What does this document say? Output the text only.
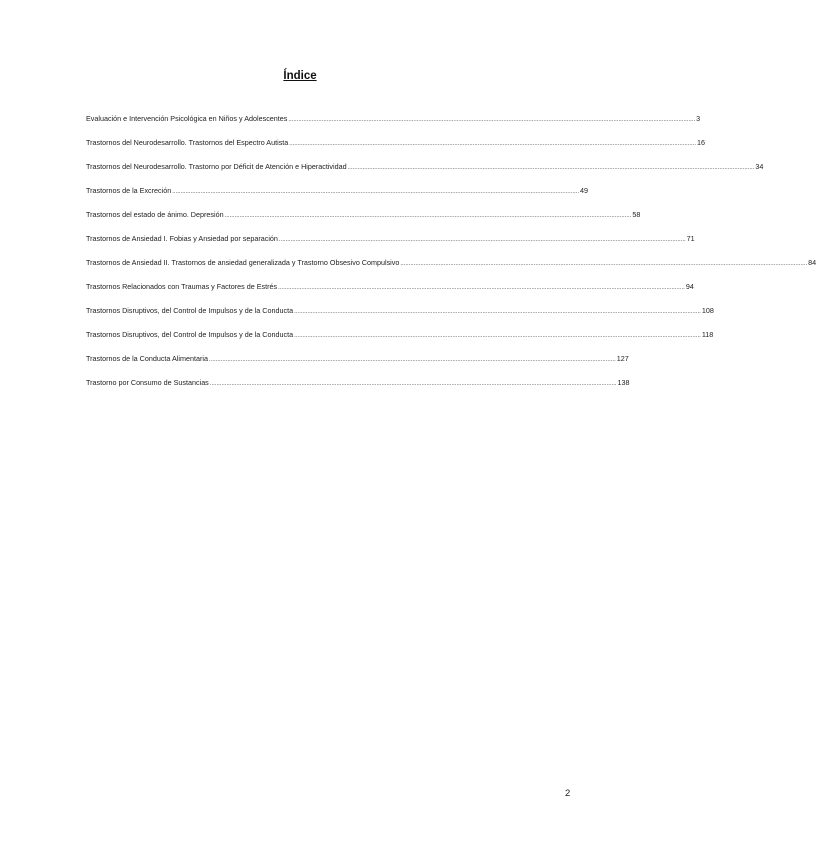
Índice
Evaluación e Intervención Psicológica en Niños y Adolescentes .....	3
Trastornos del Neurodesarrollo. Trastornos del Espectro Autista .....	16
Trastornos del Neurodesarrollo. Trastorno por Déficit de Atención e Hiperactividad .....	34
Trastornos de la Excreción .....	49
Trastornos del estado de ánimo. Depresión .....	58
Trastornos de Ansiedad I. Fobias y Ansiedad por separación .....	71
Trastornos de Ansiedad II. Trastornos de ansiedad generalizada y Trastorno Obsesivo Compulsivo .....	84
Trastornos Relacionados con Traumas y Factores de Estrés .....	94
Trastornos Disruptivos, del Control de Impulsos y de la Conducta .....	108
Trastornos Disruptivos, del Control de Impulsos y de la Conducta .....	118
Trastornos de la Conducta Alimentaria .....	127
Trastorno por Consumo de Sustancias .....	138
2
